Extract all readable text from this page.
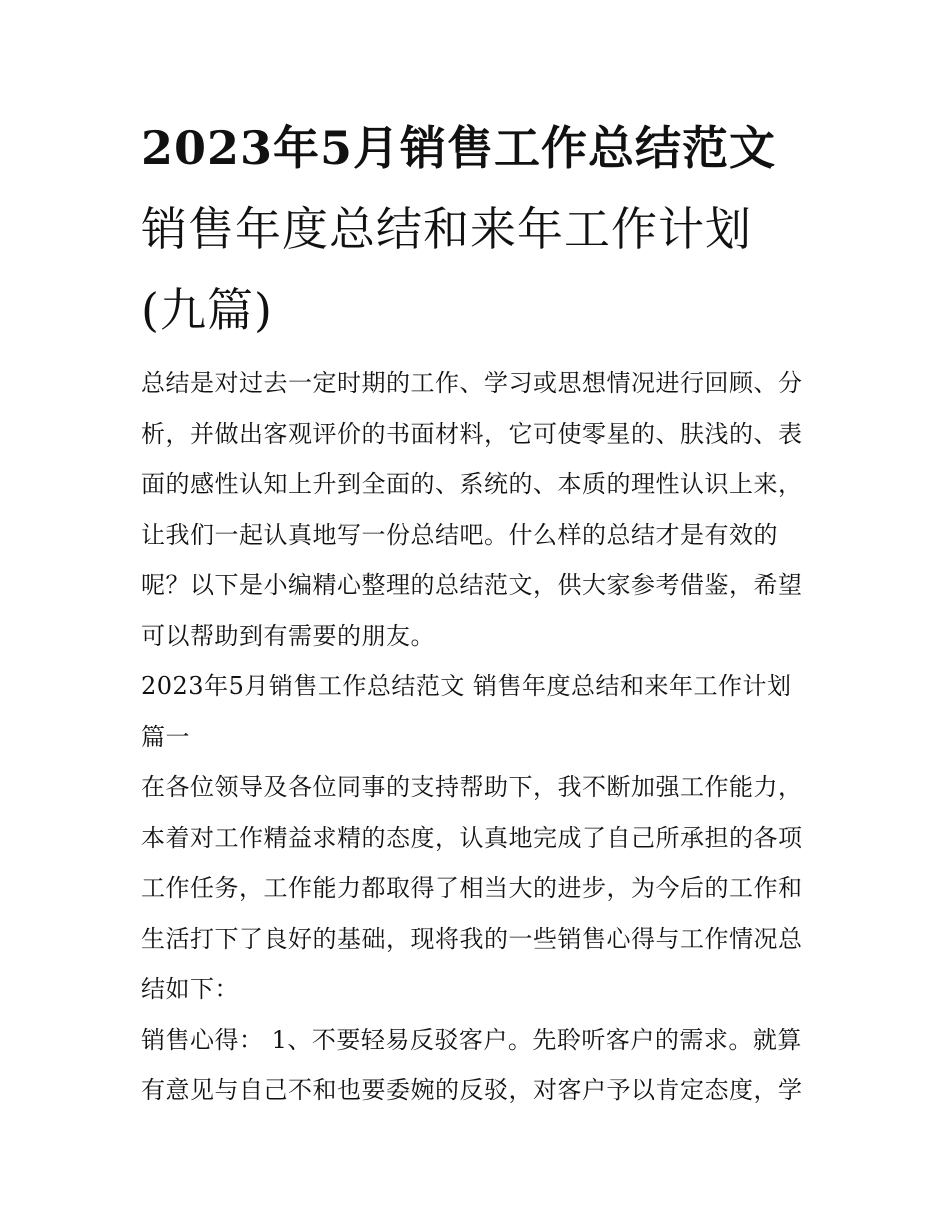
2023年5月销售工作总结范文
销售年度总结和来年工作计划
(九篇)
总结是对过去一定时期的工作、学习或思想情况进行回顾、分
析，并做出客观评价的书面材料，它可使零星的、肤浅的、表
面的感性认知上升到全面的、系统的、本质的理性认识上来，
让我们一起认真地写一份总结吧。什么样的总结才是有效的
呢？以下是小编精心整理的总结范文，供大家参考借鉴，希望
可以帮助到有需要的朋友。
2023年5月销售工作总结范文 销售年度总结和来年工作计划
篇一
在各位领导及各位同事的支持帮助下，我不断加强工作能力，
本着对工作精益求精的态度，认真地完成了自己所承担的各项
工作任务，工作能力都取得了相当大的进步，为今后的工作和
生活打下了良好的基础，现将我的一些销售心得与工作情况总
结如下：
销售心得： 1、不要轻易反驳客户。先聆听客户的需求。就算
有意见与自己不和也要委婉的反驳，对客户予以肯定态度，学
